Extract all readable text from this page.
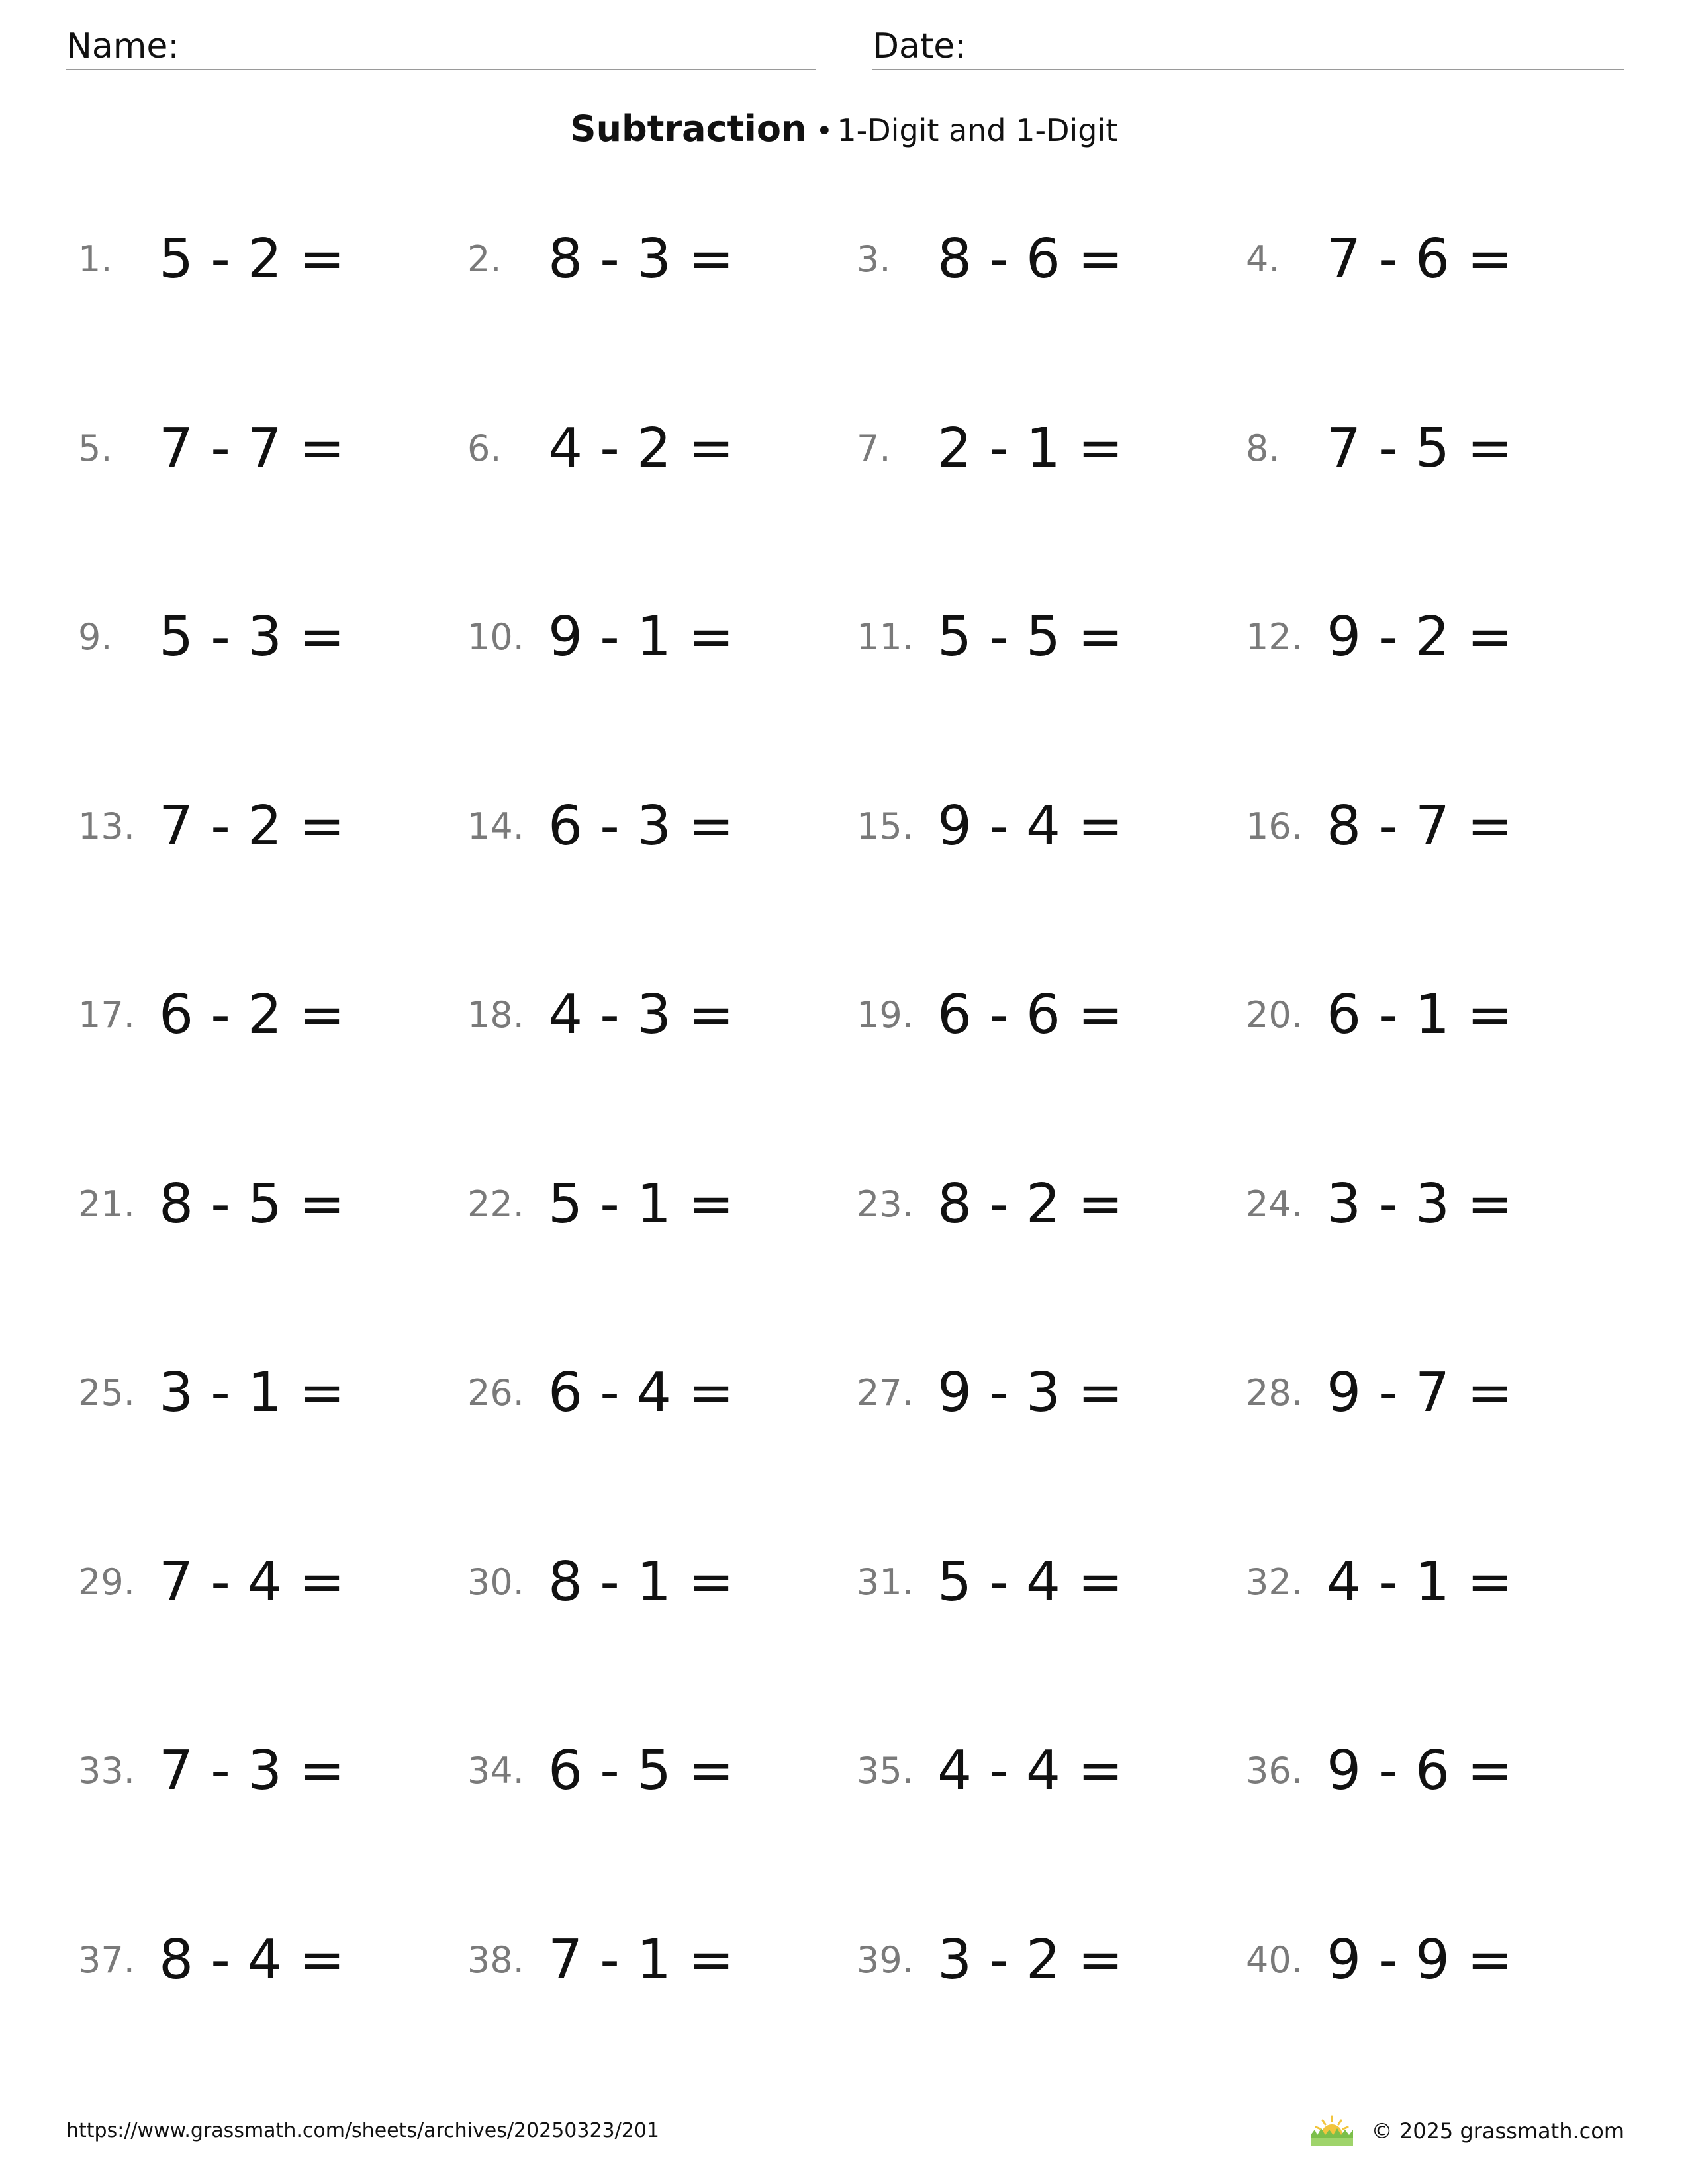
Name:	Date:
Subtraction • 1-Digit and 1-Digit
1. 5 - 2 =	2. 8 - 3 =	3. 8 - 6 =	4. 7 - 6 =
5. 7 - 7 =	6. 4 - 2 =	7. 2 - 1 =	8. 7 - 5 =
9. 5 - 3 =	10. 9 - 1 =	11. 5 - 5 =	12. 9 - 2 =
13. 7 - 2 =	14. 6 - 3 =	15. 9 - 4 =	16. 8 - 7 =
17. 6 - 2 =	18. 4 - 3 =	19. 6 - 6 =	20. 6 - 1 =
21. 8 - 5 =	22. 5 - 1 =	23. 8 - 2 =	24. 3 - 3 =
25. 3 - 1 =	26. 6 - 4 =	27. 9 - 3 =	28. 9 - 7 =
29. 7 - 4 =	30. 8 - 1 =	31. 5 - 4 =	32. 4 - 1 =
33. 7 - 3 =	34. 6 - 5 =	35. 4 - 4 =	36. 9 - 6 =
37. 8 - 4 =	38. 7 - 1 =	39. 3 - 2 =	40. 9 - 9 =
https://www.grassmath.com/sheets/archives/20250323/201	© 2025 grassmath.com
